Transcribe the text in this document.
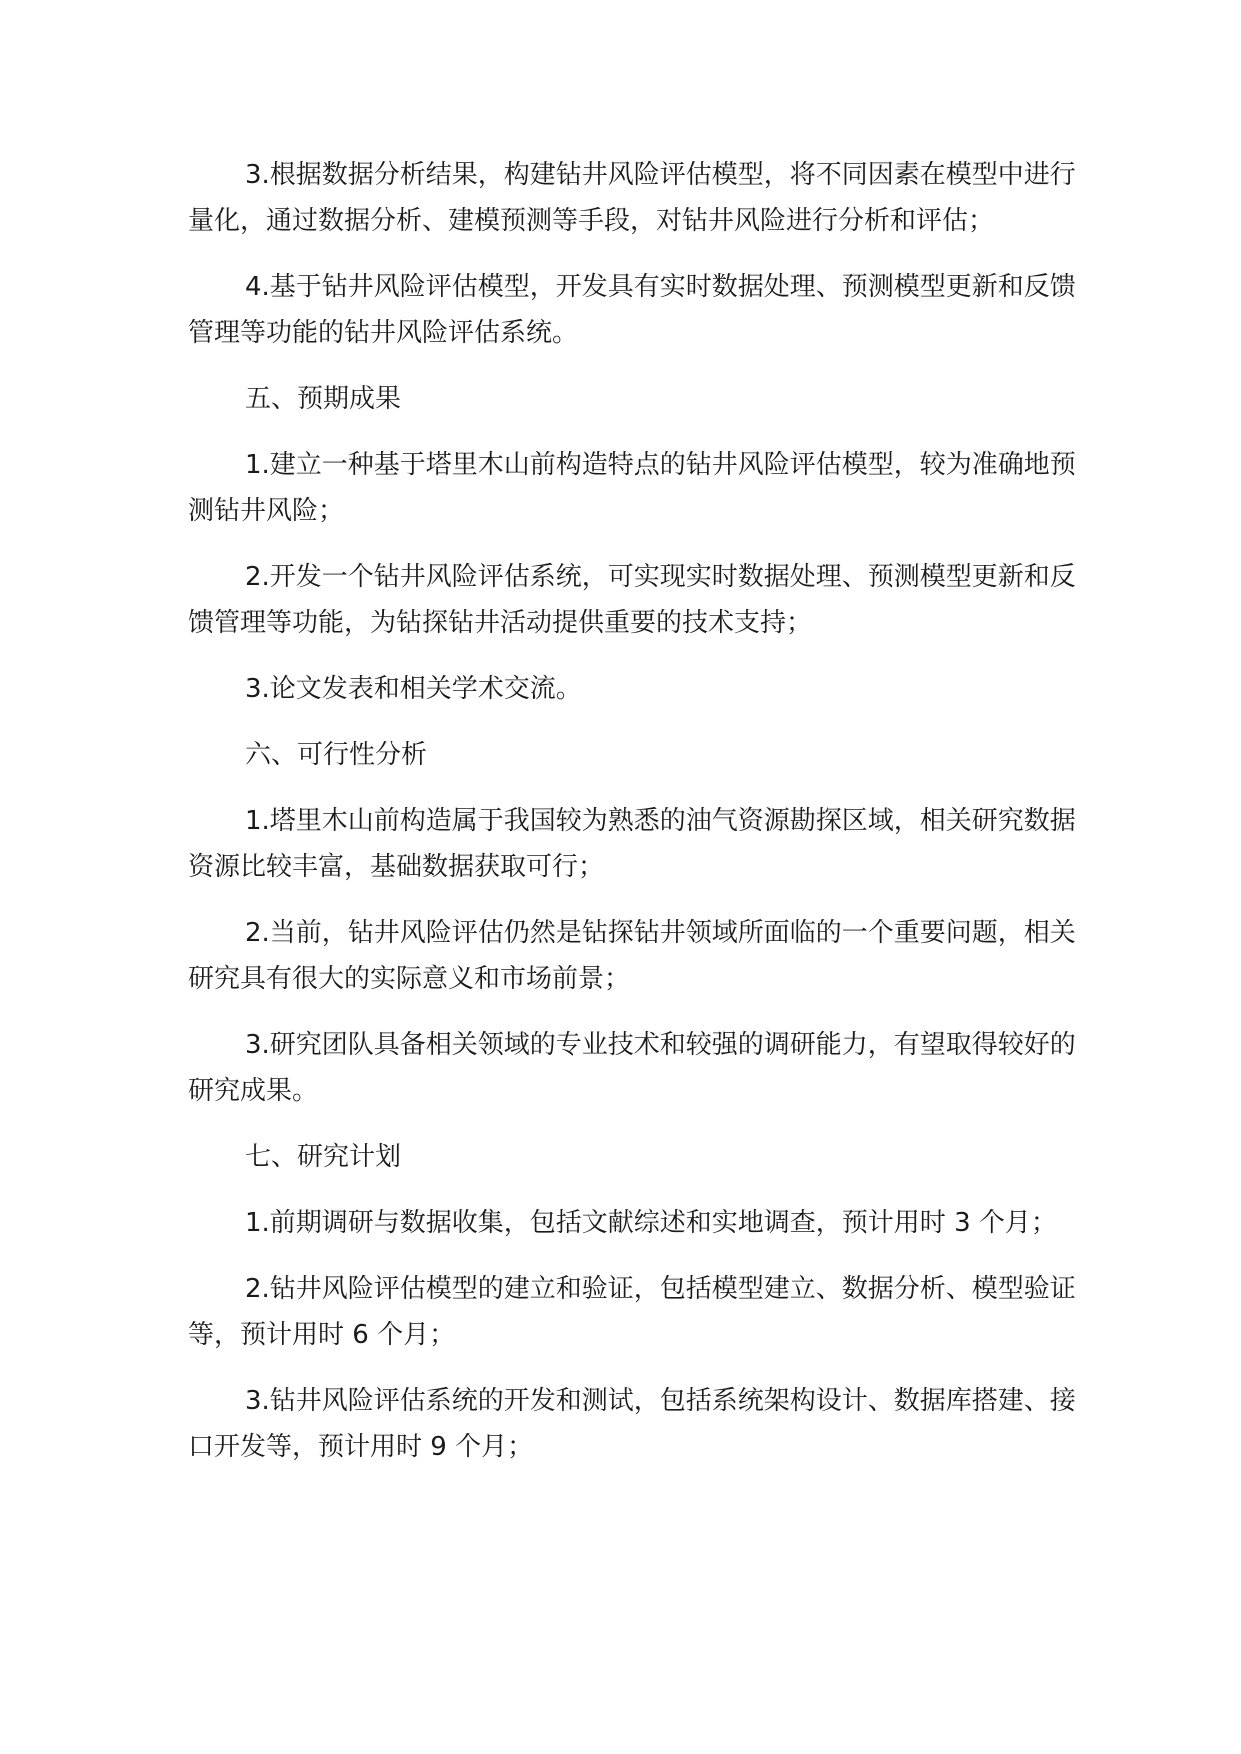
3.根据数据分析结果，构建钻井风险评估模型，将不同因素在模型中进行量化，通过数据分析、建模预测等手段，对钻井风险进行分析和评估；

4.基于钻井风险评估模型，开发具有实时数据处理、预测模型更新和反馈管理等功能的钻井风险评估系统。

五、预期成果

1.建立一种基于塔里木山前构造特点的钻井风险评估模型，较为准确地预测钻井风险；

2.开发一个钻井风险评估系统，可实现实时数据处理、预测模型更新和反馈管理等功能，为钻探钻井活动提供重要的技术支持；

3.论文发表和相关学术交流。

六、可行性分析

1.塔里木山前构造属于我国较为熟悉的油气资源勘探区域，相关研究数据资源比较丰富，基础数据获取可行；

2.当前，钻井风险评估仍然是钻探钻井领域所面临的一个重要问题，相关研究具有很大的实际意义和市场前景；

3.研究团队具备相关领域的专业技术和较强的调研能力，有望取得较好的研究成果。

七、研究计划

1.前期调研与数据收集，包括文献综述和实地调查，预计用时 3 个月；

2.钻井风险评估模型的建立和验证，包括模型建立、数据分析、模型验证等，预计用时 6 个月；

3.钻井风险评估系统的开发和测试，包括系统架构设计、数据库搭建、接口开发等，预计用时 9 个月；
